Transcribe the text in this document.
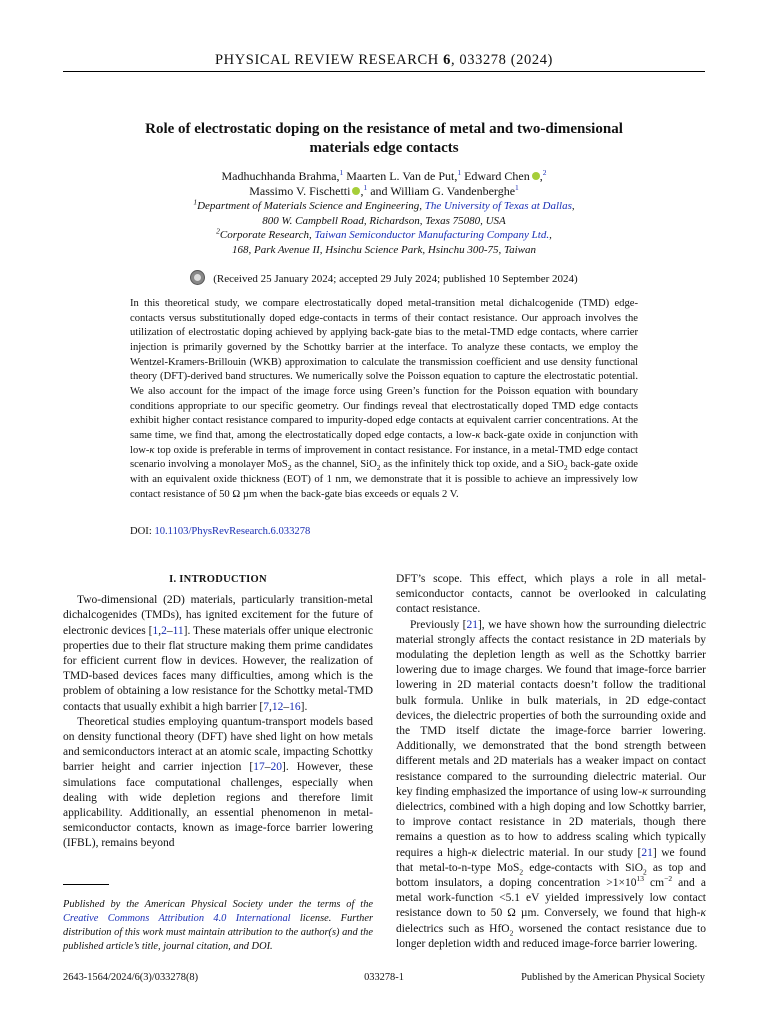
PHYSICAL REVIEW RESEARCH 6, 033278 (2024)
Role of electrostatic doping on the resistance of metal and two-dimensional
materials edge contacts
Madhuchhanda Brahma,$^1$ Maarten L. Van de Put,$^1$ Edward Chen ,$^2$
Massimo V. Fischetti ,$^1$ and William G. Vandenberghe$^1$
$^1$Department of Materials Science and Engineering, The University of Texas at Dallas,
800 W. Campbell Road, Richardson, Texas 75080, USA
$^2$Corporate Research, Taiwan Semiconductor Manufacturing Company Ltd.,
168, Park Avenue II, Hsinchu Science Park, Hsinchu 300-75, Taiwan
(Received 25 January 2024; accepted 29 July 2024; published 10 September 2024)
In this theoretical study, we compare electrostatically doped metal-transition metal dichalcogenide (TMD) edge-contacts versus substitutionally doped edge-contacts in terms of their contact resistance. Our approach involves the utilization of electrostatic doping achieved by applying back-gate bias to the metal-TMD edge contacts, where carrier injection is primarily governed by the Schottky barrier at the interface. To analyze these contacts, we employ the Wentzel-Kramers-Brillouin (WKB) approximation to calculate the transmission coefficient and use density functional theory (DFT)-derived band structures. We numerically solve the Poisson equation to capture the electrostatic potential. We also account for the impact of the image force using Green’s function for the Poisson equation with boundary conditions appropriate to our specific geometry. Our findings reveal that electrostatically doped TMD edge contacts exhibit higher contact resistance compared to impurity-doped edge contacts at equivalent carrier concentrations. At the same time, we find that, among the electrostatically doped edge contacts, a low-κ back-gate oxide in conjunction with low-κ top oxide is preferable in terms of improvement in contact resistance. For instance, in a metal-TMD edge contact scenario involving a monolayer MoS$_2$ as the channel, SiO$_2$ as the infinitely thick top oxide, and a SiO$_2$ back-gate oxide with an equivalent oxide thickness (EOT) of 1 nm, we demonstrate that it is possible to achieve an impressively low contact resistance of 50 Ω µm when the back-gate bias exceeds or equals 2 V.
DOI: 10.1103/PhysRevResearch.6.033278
I. INTRODUCTION

Two-dimensional (2D) materials, particularly transition-metal dichalcogenides (TMDs), has ignited excitement for the future of electronic devices [1,2–11]. These materials offer unique electronic properties due to their flat structure making them prime candidates for efficient current flow in devices. However, the realization of TMD-based devices faces many difficulties, among which is the problem of obtaining a low resistance for the Schottky metal-TMD contacts that usually exhibit a high barrier [7,12–16].

Theoretical studies employing quantum-transport models based on density functional theory (DFT) have shed light on how metals and semiconductors interact at an atomic scale, impacting Schottky barrier height and carrier injection [17–20]. However, these simulations face computational challenges, especially when dealing with wide depletion regions and therefore limit applicability. Additionally, an essential phenomenon in metal-semiconductor contacts, known as image-force barrier lowering (IFBL), remains beyond

DFT’s scope. This effect, which plays a role in all metal-semiconductor contacts, cannot be overlooked in calculating contact resistance.

Previously [21], we have shown how the surrounding dielectric material strongly affects the contact resistance in 2D materials by modulating the depletion length as well as the Schottky barrier lowering due to image charges. We found that image-force barrier lowering in 2D material contacts doesn’t follow the traditional bulk formula. Unlike in bulk materials, in 2D edge-contact devices, the dielectric properties of both the surrounding oxide and the TMD itself dictate the image-force barrier lowering. Additionally, we demonstrated that the bond strength between different metals and 2D materials has a weaker impact on contact resistance compared to the surrounding dielectric material. Our key finding emphasized the importance of using low-κ surrounding dielectrics, combined with a high doping and low Schottky barrier, to improve contact resistance in 2D materials, though there remains a question as to how to address scaling which typically requires a high-κ dielectric material. In our study [21] we found that metal-to-n-type MoS$_2$ edge-contacts with SiO$_2$ as top and bottom insulators, a doping concentration $>1\times 10^{13}$ $cm^{-2}$ and a metal work-function <5.1 eV yielded impressively low contact resistance down to 50 Ω µm. Conversely, we found that high-κ dielectrics such as HfO$_2$ worsened the contact resistance due to longer depletion width and reduced image-force barrier lowering.

Published by the American Physical Society under the terms of the Creative Commons Attribution 4.0 International license. Further distribution of this work must maintain attribution to the author(s) and the published article’s title, journal citation, and DOI.
2643-1564/2024/6(3)/033278(8)	033278-1	Published by the American Physical Society
